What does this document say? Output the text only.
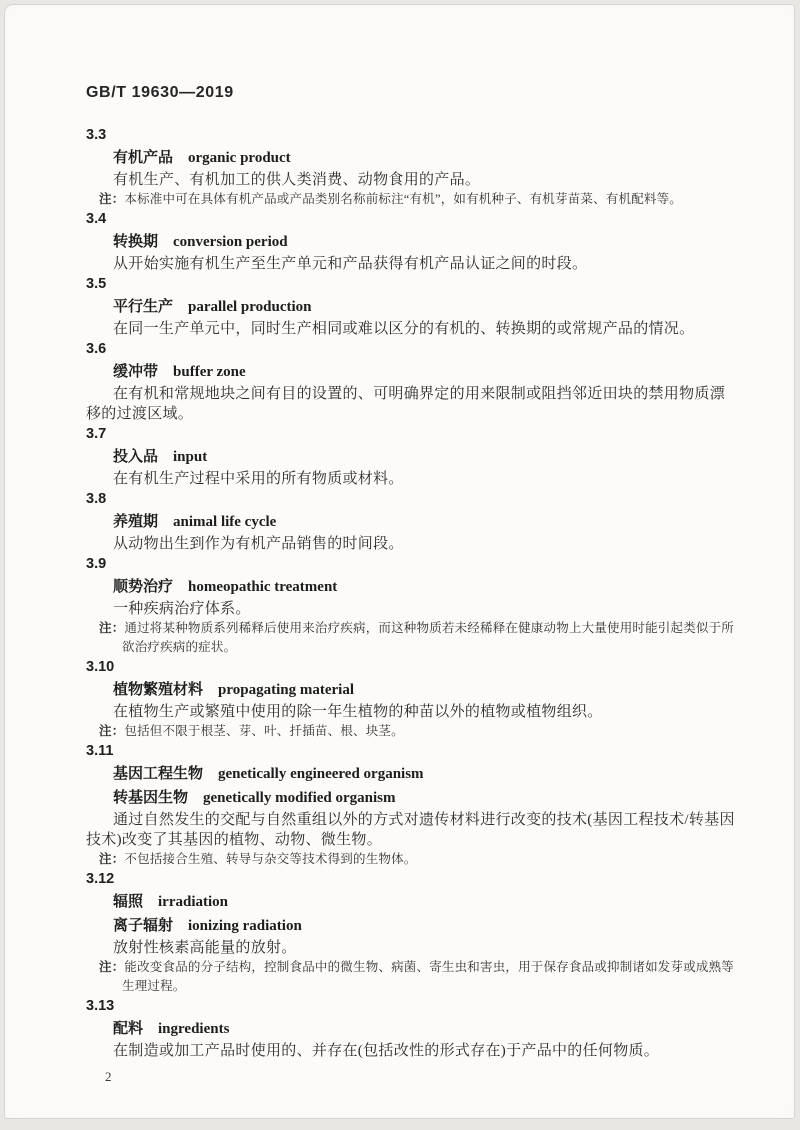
GB/T 19630—2019
3.3
有机产品 organic product

有机生产、有机加工的供人类消费、动物食用的产品。

注：本标准中可在具体有机产品或产品类别名称前标注“有机”，如有机种子、有机芽苗菜、有机配料等。

3.4
转换期 conversion period

从开始实施有机生产至生产单元和产品获得有机产品认证之间的时段。

3.5
平行生产 parallel production

在同一生产单元中，同时生产相同或难以区分的有机的、转换期的或常规产品的情况。

3.6
缓冲带 buffer zone

在有机和常规地块之间有目的设置的、可明确界定的用来限制或阻挡邻近田块的禁用物质漂移的过渡区域。

3.7
投入品 input

在有机生产过程中采用的所有物质或材料。

3.8
养殖期 animal life cycle

从动物出生到作为有机产品销售的时间段。

3.9
顺势治疗 homeopathic treatment

一种疾病治疗体系。

注：通过将某种物质系列稀释后使用来治疗疾病，而这种物质若未经稀释在健康动物上大量使用时能引起类似于所欲治疗疾病的症状。

3.10
植物繁殖材料 propagating material

在植物生产或繁殖中使用的除一年生植物的种苗以外的植物或植物组织。

注：包括但不限于根茎、芽、叶、扦插苗、根、块茎。

3.11
基因工程生物 genetically engineered organism
转基因生物 genetically modified organism

通过自然发生的交配与自然重组以外的方式对遗传材料进行改变的技术(基因工程技术/转基因技术)改变了其基因的植物、动物、微生物。

注：不包括接合生殖、转导与杂交等技术得到的生物体。

3.12
辐照 irradiation
离子辐射 ionizing radiation

放射性核素高能量的放射。

注：能改变食品的分子结构，控制食品中的微生物、病菌、寄生虫和害虫，用于保存食品或抑制诸如发芽或成熟等生理过程。

3.13
配料 ingredients

在制造或加工产品时使用的、并存在(包括改性的形式存在)于产品中的任何物质。

2
